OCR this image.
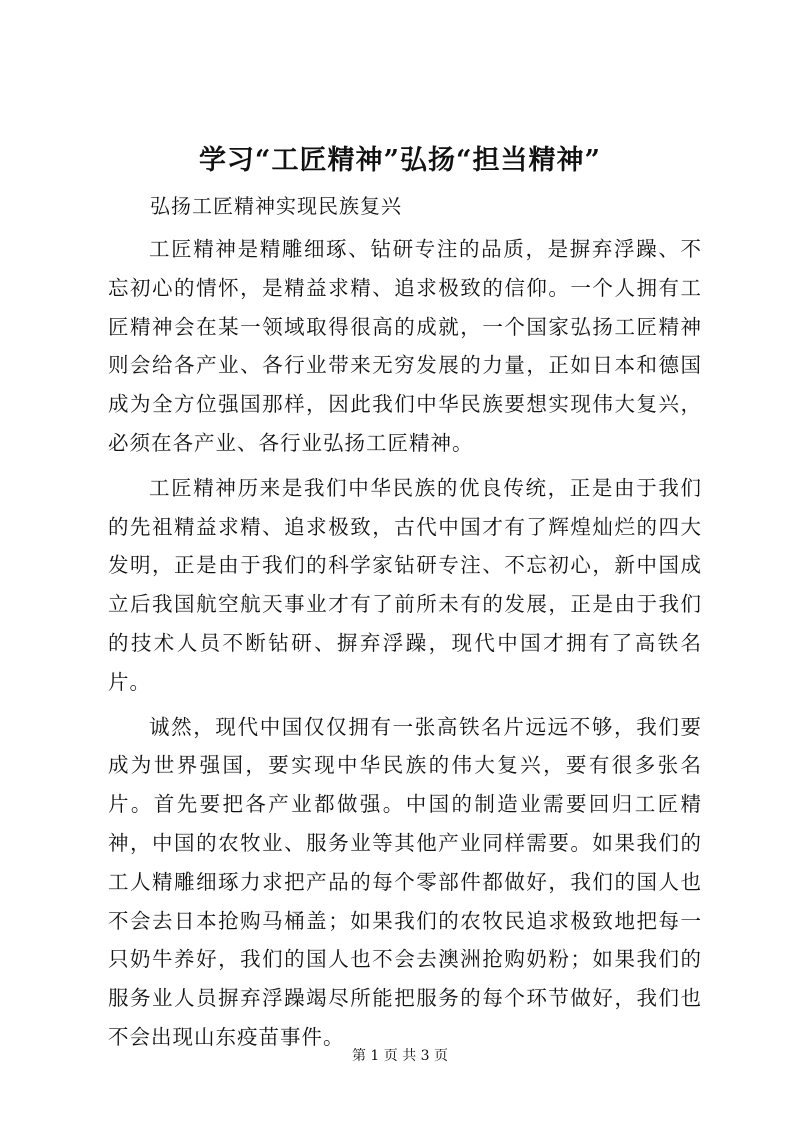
学习“工匠精神”弘扬“担当精神”
弘扬工匠精神实现民族复兴

工匠精神是精雕细琢、钻研专注的品质，是摒弃浮躁、不忘初心的情怀，是精益求精、追求极致的信仰。一个人拥有工匠精神会在某一领域取得很高的成就，一个国家弘扬工匠精神则会给各产业、各行业带来无穷发展的力量，正如日本和德国成为全方位强国那样，因此我们中华民族要想实现伟大复兴，必须在各产业、各行业弘扬工匠精神。

工匠精神历来是我们中华民族的优良传统，正是由于我们的先祖精益求精、追求极致，古代中国才有了辉煌灿烂的四大发明，正是由于我们的科学家钻研专注、不忘初心，新中国成立后我国航空航天事业才有了前所未有的发展，正是由于我们的技术人员不断钻研、摒弃浮躁，现代中国才拥有了高铁名片。

诚然，现代中国仅仅拥有一张高铁名片远远不够，我们要成为世界强国，要实现中华民族的伟大复兴，要有很多张名片。首先要把各产业都做强。中国的制造业需要回归工匠精神，中国的农牧业、服务业等其他产业同样需要。如果我们的工人精雕细琢力求把产品的每个零部件都做好，我们的国人也不会去日本抢购马桶盖；如果我们的农牧民追求极致地把每一只奶牛养好，我们的国人也不会去澳洲抢购奶粉；如果我们的服务业人员摒弃浮躁竭尽所能把服务的每个环节做好，我们也不会出现山东疫苗事件。

第 1 页 共 3 页
